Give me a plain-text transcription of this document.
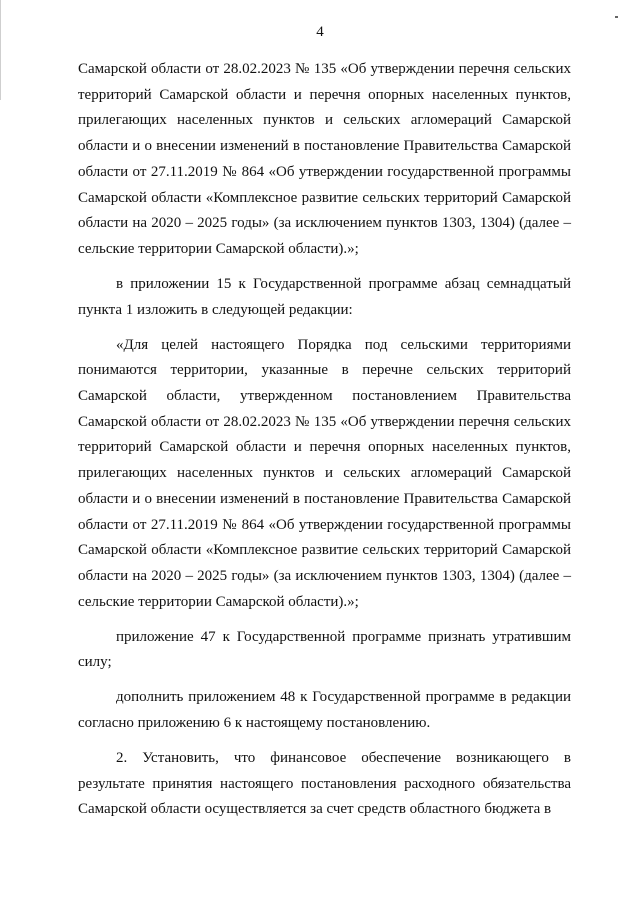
4

Самарской области от 28.02.2023 № 135 «Об утверждении перечня сельских территорий Самарской области и перечня опорных населенных пунктов, прилегающих населенных пунктов и сельских агломераций Самарской области и о внесении изменений в постановление Правительства Самарской области от 27.11.2019 № 864 «Об утверждении государственной программы Самарской области «Комплексное развитие сельских территорий Самарской области на 2020 – 2025 годы» (за исключением пунктов 1303, 1304) (далее – сельские территории Самарской области).»;

в приложении 15 к Государственной программе абзац семнадцатый пункта 1 изложить в следующей редакции:

«Для целей настоящего Порядка под сельскими территориями понимаются территории, указанные в перечне сельских территорий Самарской области, утвержденном постановлением Правительства Самарской области от 28.02.2023 № 135 «Об утверждении перечня сельских территорий Самарской области и перечня опорных населенных пунктов, прилегающих населенных пунктов и сельских агломераций Самарской области и о внесении изменений в постановление Правительства Самарской области от 27.11.2019 № 864 «Об утверждении государственной программы Самарской области «Комплексное развитие сельских территорий Самарской области на 2020 – 2025 годы» (за исключением пунктов 1303, 1304) (далее – сельские территории Самарской области).»;

приложение 47 к Государственной программе признать утратившим силу;

дополнить приложением 48 к Государственной программе в редакции согласно приложению 6 к настоящему постановлению.

2. Установить, что финансовое обеспечение возникающего в результате принятия настоящего постановления расходного обязательства Самарской области осуществляется за счет средств областного бюджета в
